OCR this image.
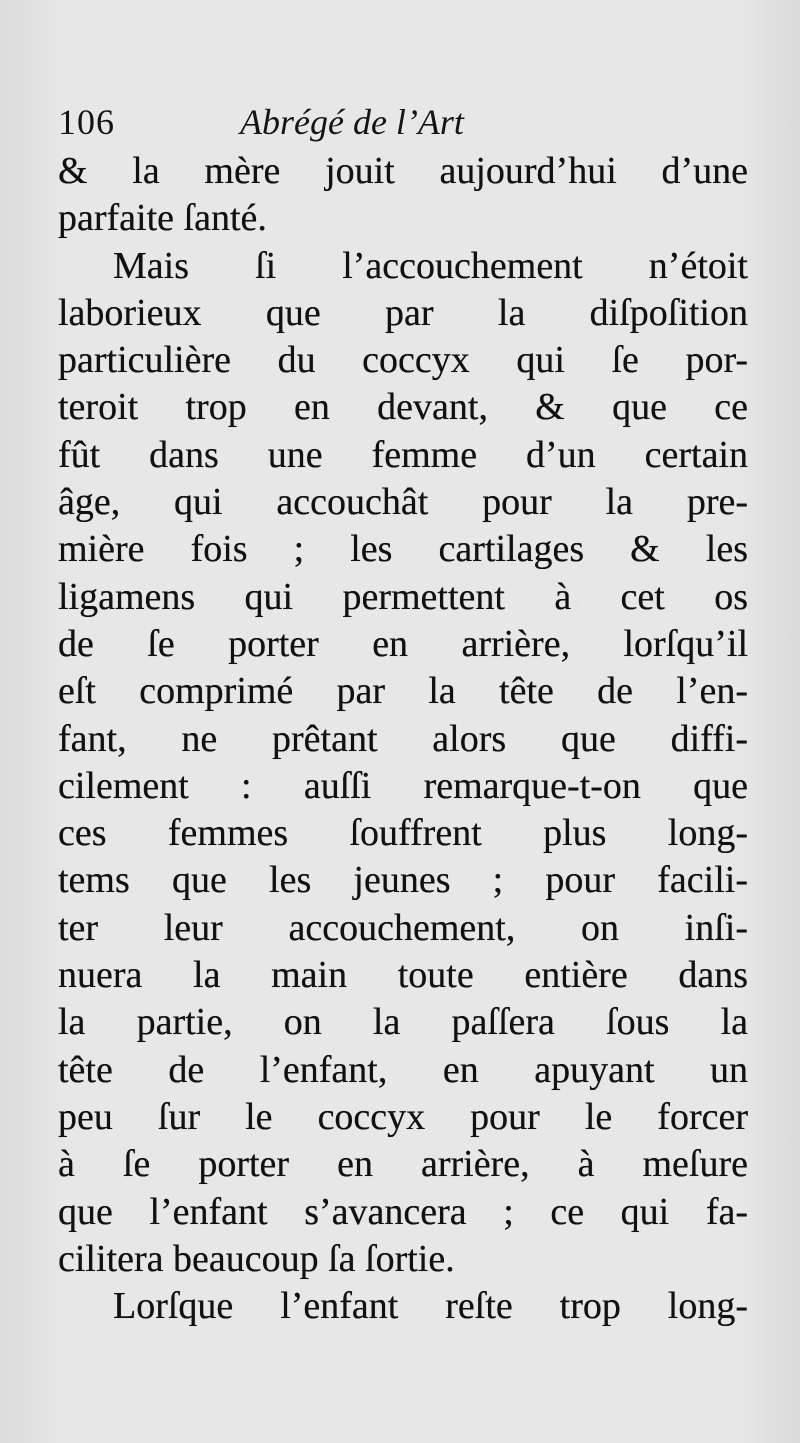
106	Abrégé de l’Art
& la mère jouit aujourd’hui d’une
parfaite ſanté.
Mais ſi l’accouchement n’étoit
laborieux que par la diſpoſition
particulière du coccyx qui ſe por-
teroit trop en devant, & que ce
fût dans une femme d’un certain
âge, qui accouchât pour la pre-
mière fois ; les cartilages & les
ligamens qui permettent à cet os
de ſe porter en arrière, lorſqu’il
eſt comprimé par la tête de l’en-
fant, ne prêtant alors que diffi-
cilement : auſſi remarque-t-on que
ces femmes ſouffrent plus long-
tems que les jeunes ; pour facili-
ter leur accouchement, on inſi-
nuera la main toute entière dans
la partie, on la paſſera ſous la
tête de l’enfant, en apuyant un
peu ſur le coccyx pour le forcer
à ſe porter en arrière, à meſure
que l’enfant s’avancera ; ce qui fa-
cilitera beaucoup ſa ſortie.
Lorſque l’enfant reſte trop long-
